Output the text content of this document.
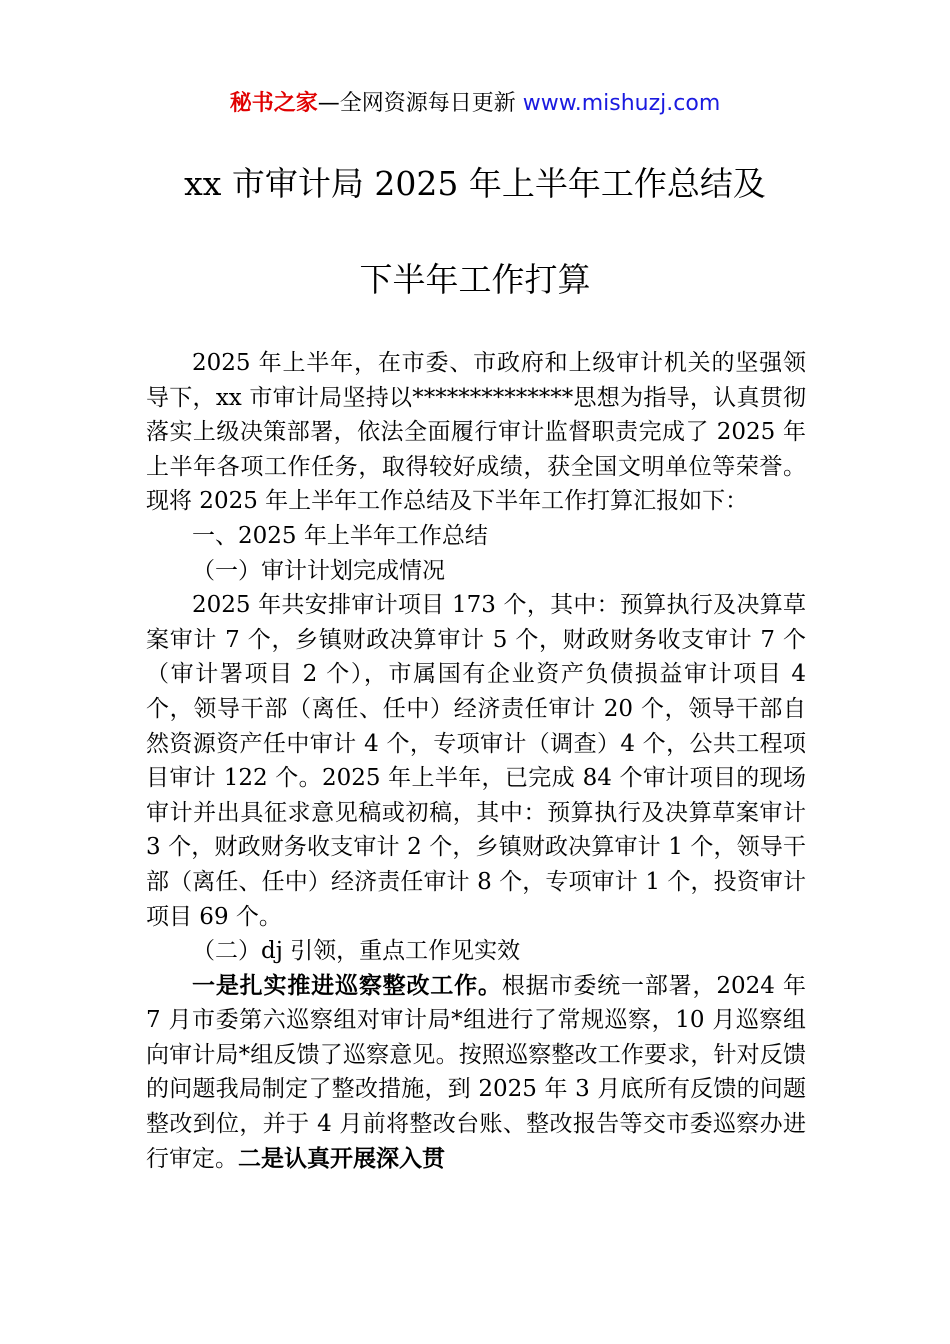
秘书之家—全网资源每日更新 www.mishuzj.com
xx 市审计局 2025 年上半年工作总结及
下半年工作打算

2025 年上半年，在市委、市政府和上级审计机关的坚强领导下，xx 市审计局坚持以**************思想为指导，认真贯彻落实上级决策部署，依法全面履行审计监督职责完成了 2025 年上半年各项工作任务，取得较好成绩，获全国文明单位等荣誉。现将 2025 年上半年工作总结及下半年工作打算汇报如下：

一、2025 年上半年工作总结

（一）审计计划完成情况

2025 年共安排审计项目 173 个，其中：预算执行及决算草案审计 7 个，乡镇财政决算审计 5 个，财政财务收支审计 7 个（审计署项目 2 个），市属国有企业资产负债损益审计项目 4 个，领导干部（离任、任中）经济责任审计 20 个，领导干部自然资源资产任中审计 4 个，专项审计（调查）4 个，公共工程项目审计 122 个。2025 年上半年，已完成 84 个审计项目的现场审计并出具征求意见稿或初稿，其中：预算执行及决算草案审计 3 个，财政财务收支审计 2 个，乡镇财政决算审计 1 个，领导干部（离任、任中）经济责任审计 8 个，专项审计 1 个，投资审计项目 69 个。

（二）dj 引领，重点工作见实效

一是扎实推进巡察整改工作。根据市委统一部署，2024 年 7 月市委第六巡察组对审计局*组进行了常规巡察，10 月巡察组向审计局*组反馈了巡察意见。按照巡察整改工作要求，针对反馈的问题我局制定了整改措施，到 2025 年 3 月底所有反馈的问题整改到位，并于 4 月前将整改台账、整改报告等交市委巡察办进行审定。二是认真开展深入贯
